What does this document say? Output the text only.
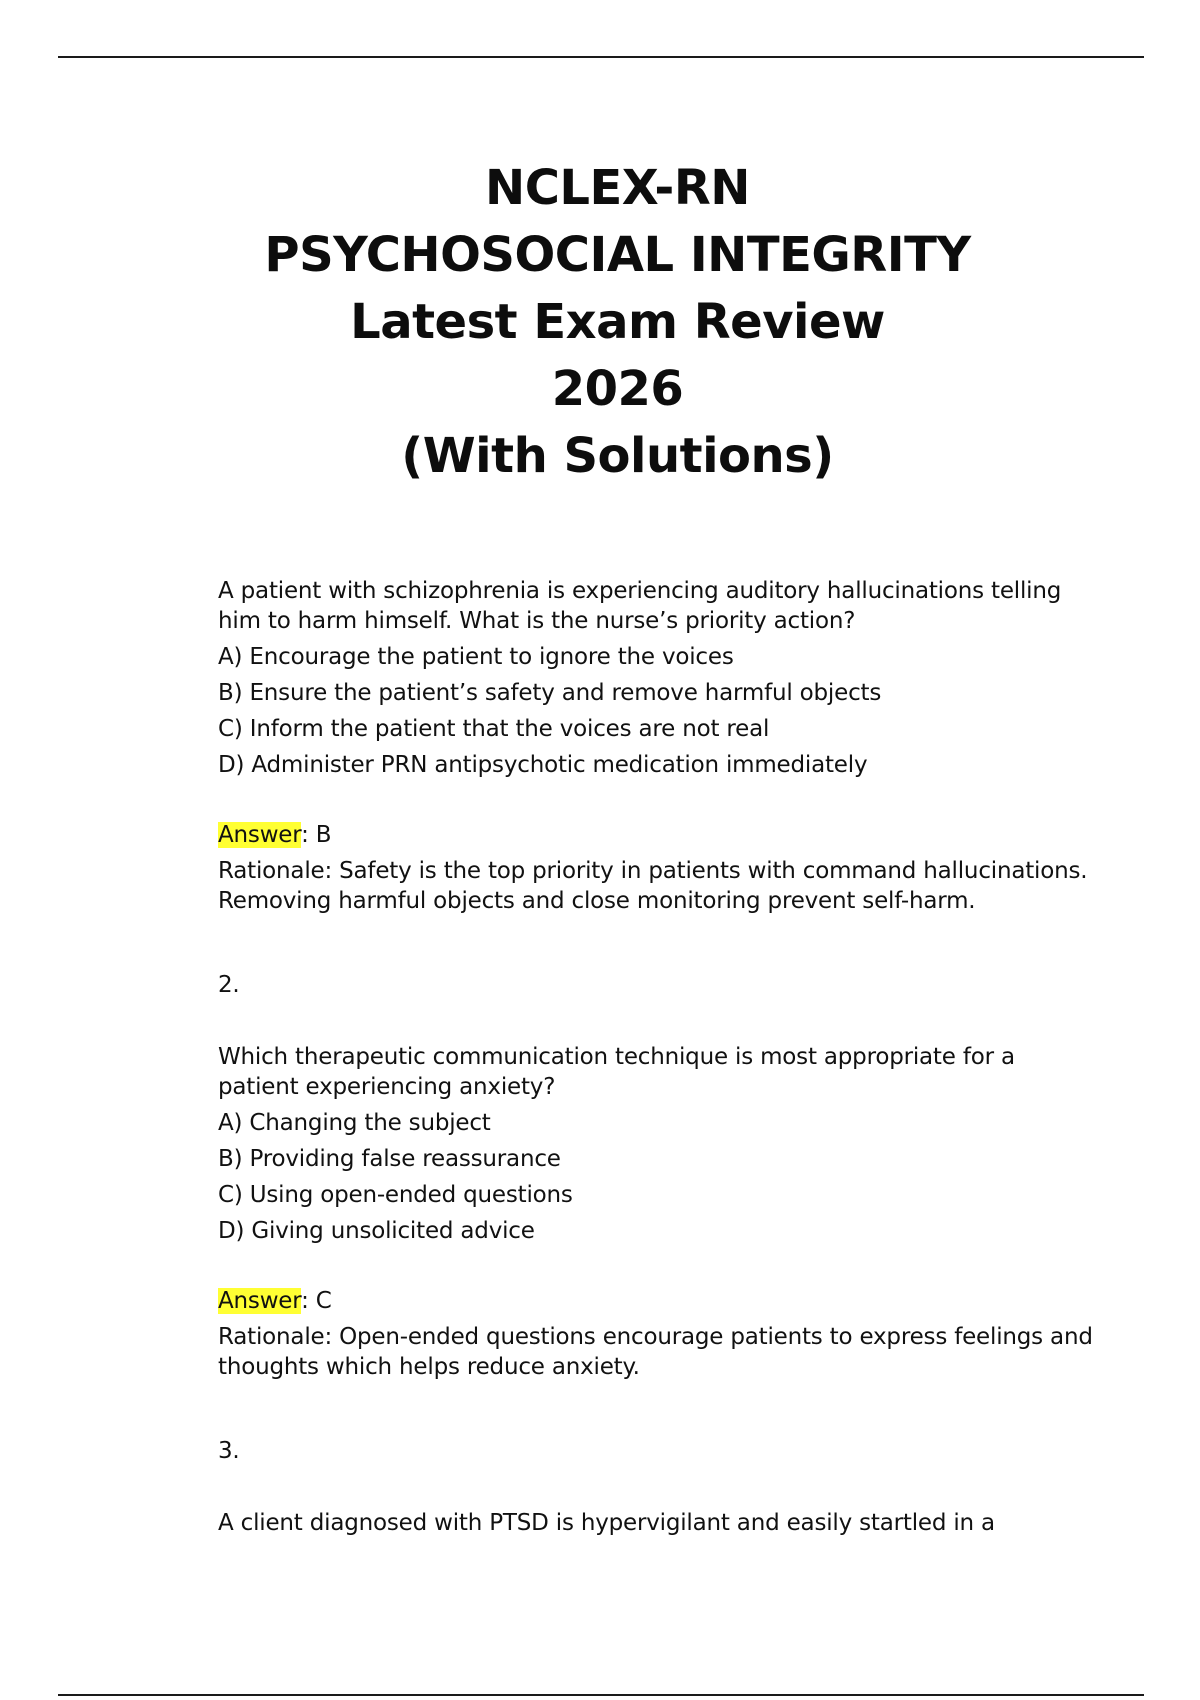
NCLEX-RN
PSYCHOSOCIAL INTEGRITY
Latest Exam Review
2026
(With Solutions)

A patient with schizophrenia is experiencing auditory hallucinations telling him to harm himself. What is the nurse’s priority action?

A) Encourage the patient to ignore the voices
B) Ensure the patient’s safety and remove harmful objects
C) Inform the patient that the voices are not real
D) Administer PRN antipsychotic medication immediately
Answer: B
Rationale: Safety is the top priority in patients with command hallucinations. Removing harmful objects and close monitoring prevent self-harm.
2.

Which therapeutic communication technique is most appropriate for a patient experiencing anxiety?

A) Changing the subject
B) Providing false reassurance
C) Using open-ended questions
D) Giving unsolicited advice
Answer: C
Rationale: Open-ended questions encourage patients to express feelings and thoughts which helps reduce anxiety.
3.

A client diagnosed with PTSD is hypervigilant and easily startled in a
